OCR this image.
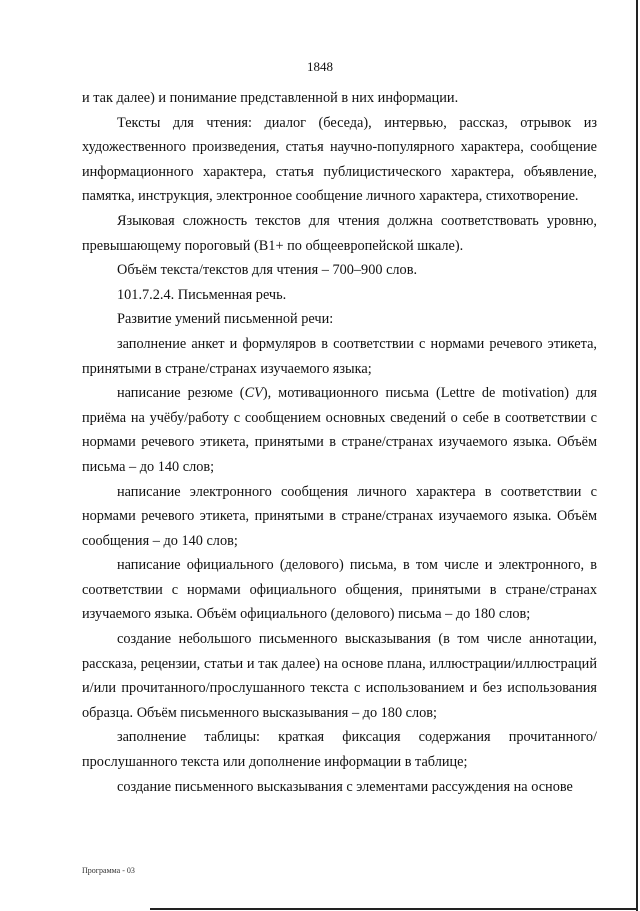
1848

и так далее) и понимание представленной в них информации.

Тексты для чтения: диалог (беседа), интервью, рассказ, отрывок из художественного произведения, статья научно-популярного характера, сообщение информационного характера, статья публицистического характера, объявление, памятка, инструкция, электронное сообщение личного характера, стихотворение.

Языковая сложность текстов для чтения должна соответствовать уровню, превышающему пороговый (B1+ по общеевропейской шкале).

Объём текста/текстов для чтения – 700–900 слов.

101.7.2.4. Письменная речь.

Развитие умений письменной речи:

заполнение анкет и формуляров в соответствии с нормами речевого этикета, принятыми в стране/странах изучаемого языка;

написание резюме (CV), мотивационного письма (Lettre de motivation) для приёма на учёбу/работу с сообщением основных сведений о себе в соответствии с нормами речевого этикета, принятыми в стране/странах изучаемого языка. Объём письма – до 140 слов;

написание электронного сообщения личного характера в соответствии с нормами речевого этикета, принятыми в стране/странах изучаемого языка. Объём сообщения – до 140 слов;

написание официального (делового) письма, в том числе и электронного, в соответствии с нормами официального общения, принятыми в стране/странах изучаемого языка. Объём официального (делового) письма – до 180 слов;

создание небольшого письменного высказывания (в том числе аннотации, рассказа, рецензии, статьи и так далее) на основе плана, иллюстрации/иллюстраций и/или прочитанного/прослушанного текста с использованием и без использования образца. Объём письменного высказывания – до 180 слов;

заполнение таблицы: краткая фиксация содержания прочитанного/прослушанного текста или дополнение информации в таблице;

создание письменного высказывания с элементами рассуждения на основе

Программа - 03
